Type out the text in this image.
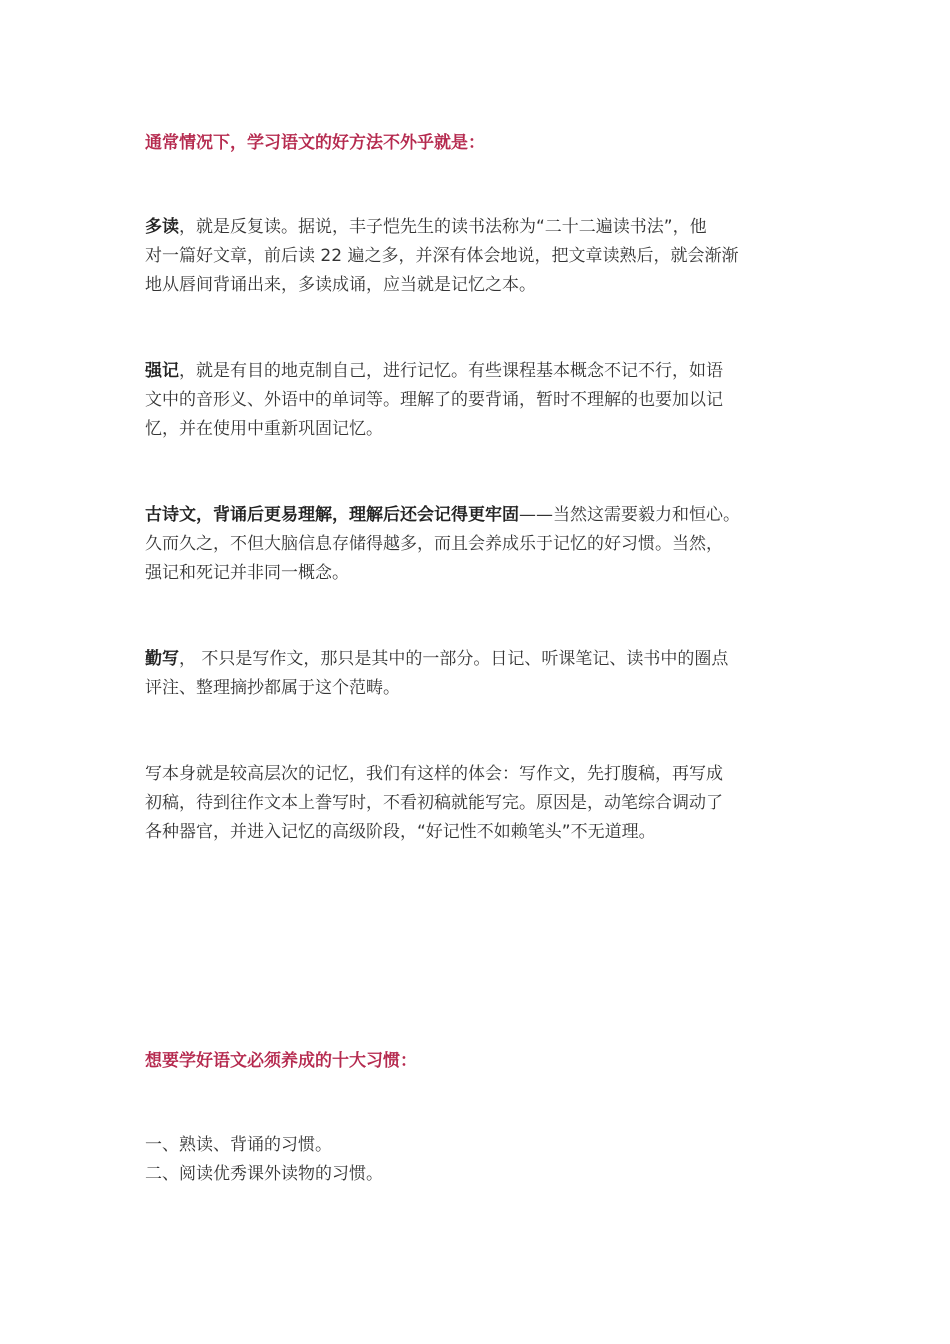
通常情况下，学习语文的好方法不外乎就是：
多读，就是反复读。据说，丰子恺先生的读书法称为“二十二遍读书法”，他
对一篇好文章，前后读 22 遍之多，并深有体会地说，把文章读熟后，就会渐渐
地从唇间背诵出来，多读成诵，应当就是记忆之本。
强记，就是有目的地克制自己，进行记忆。有些课程基本概念不记不行，如语
文中的音形义、外语中的单词等。理解了的要背诵，暂时不理解的也要加以记
忆，并在使用中重新巩固记忆。
古诗文，背诵后更易理解，理解后还会记得更牢固——当然这需要毅力和恒心。
久而久之，不但大脑信息存储得越多，而且会养成乐于记忆的好习惯。当然，
强记和死记并非同一概念。
勤写， 不只是写作文，那只是其中的一部分。日记、听课笔记、读书中的圈点
评注、整理摘抄都属于这个范畴。
写本身就是较高层次的记忆，我们有这样的体会：写作文，先打腹稿，再写成
初稿，待到往作文本上誊写时，不看初稿就能写完。原因是，动笔综合调动了
各种器官，并进入记忆的高级阶段，“好记性不如赖笔头”不无道理。
想要学好语文必须养成的十大习惯：
一、熟读、背诵的习惯。
二、阅读优秀课外读物的习惯。
